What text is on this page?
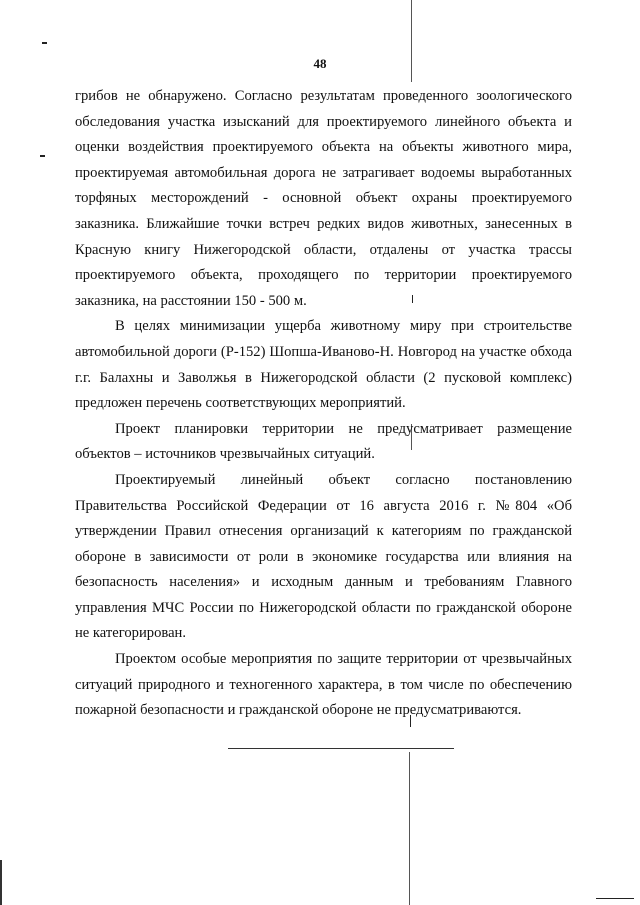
48

грибов не обнаружено. Согласно результатам проведенного зоологического обследования участка изысканий для проектируемого линейного объекта и оценки воздействия проектируемого объекта на объекты животного мира, проектируемая автомобильная дорога не затрагивает водоемы выработанных торфяных месторождений - основной объект охраны проектируемого заказника. Ближайшие точки встреч редких видов животных, занесенных в Красную книгу Нижегородской области, отдалены от участка трассы проектируемого объекта, проходящего по территории проектируемого заказника, на расстоянии 150 - 500 м.

В целях минимизации ущерба животному миру при строительстве автомобильной дороги (Р-152) Шопша-Иваново-Н. Новгород на участке обхода г.г. Балахны и Заволжья в Нижегородской области (2 пусковой комплекс) предложен перечень соответствующих мероприятий.

Проект планировки территории не предусматривает размещение объектов – источников чрезвычайных ситуаций.

Проектируемый линейный объект согласно постановлению Правительства Российской Федерации от 16 августа 2016 г. №804 «Об утверждении Правил отнесения организаций к категориям по гражданской обороне в зависимости от роли в экономике государства или влияния на безопасность населения» и исходным данным и требованиям Главного управления МЧС России по Нижегородской области по гражданской обороне не категорирован.

Проектом особые мероприятия по защите территории от чрезвычайных ситуаций природного и техногенного характера, в том числе по обеспечению пожарной безопасности и гражданской обороне не предусматриваются.
